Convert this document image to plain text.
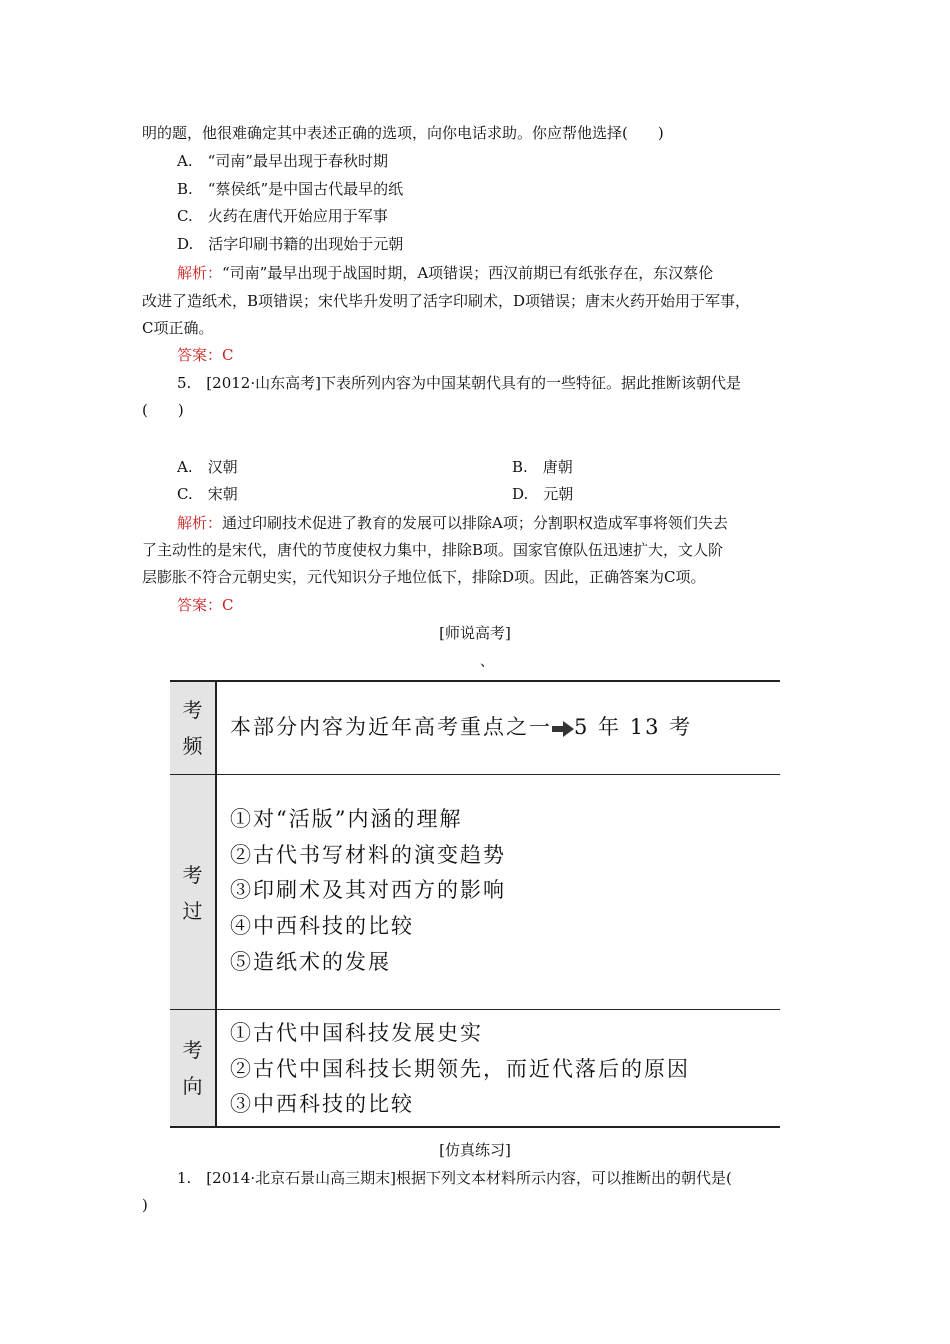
明的题，他很难确定其中表述正确的选项，向你电话求助。你应帮他选择(　　)
A.　“司南”最早出现于春秋时期
B.　“蔡侯纸”是中国古代最早的纸
C.　火药在唐代开始应用于军事
D.　活字印刷书籍的出现始于元朝
解析：“司南”最早出现于战国时期，A项错误；西汉前期已有纸张存在，东汉蔡伦
改进了造纸术，B项错误；宋代毕升发明了活字印刷术，D项错误；唐末火药开始用于军事，
C项正确。
答案：C
5.　[2012·山东高考]下表所列内容为中国某朝代具有的一些特征。据此推断该朝代是
(　　)
A.　汉朝	B.　唐朝
C.　宋朝	D.　元朝
解析：通过印刷技术促进了教育的发展可以排除A项；分割职权造成军事将领们失去
了主动性的是宋代，唐代的节度使权力集中，排除B项。国家官僚队伍迅速扩大，文人阶
层膨胀不符合元朝史实，元代知识分子地位低下，排除D项。因此，正确答案为C项。
答案：C
[师说高考]
、
考
频
本部分内容为近年高考重点之一 5 年 13 考
考
过
①对“活版”内涵的理解
②古代书写材料的演变趋势
③印刷术及其对西方的影响
④中西科技的比较
⑤造纸术的发展
考
向
①古代中国科技发展史实
②古代中国科技长期领先，而近代落后的原因
③中西科技的比较
[仿真练习]
1.　[2014·北京石景山高三期末]根据下列文本材料所示内容，可以推断出的朝代是(
)
